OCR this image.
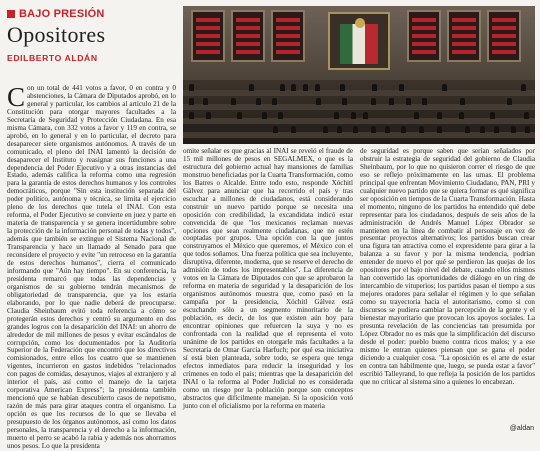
BAJO PRESIÓN
Opositores
EDILBERTO ALDÁN

Con un total de 441 votos a favor, 0 en contra y 0 abstenciones, la Cámara de Diputados aprobó, en lo general y particular, los cambios al artículo 21 de la Constitución para otorgar mayores facultades a la Secretaría de Seguridad y Protección Ciudadana. En esa misma Cámara, con 332 votos a favor y 119 en contra, se aprobó, en lo general y en lo particular, el decreto para desaparecer siete organismos autónomos. A través de un comunicado, el pleno del INAI lamentó la decisión de desaparecer el Instituto y reasignar sus funciones a una dependencia del Poder Ejecutivo y a otras instancias del Estado, además califica la reforma como una regresión para la garantía de estos derechos humanos y los controles democráticos, porque "Sin esta institución separada del poder político, autónoma y técnica, se limita el ejercicio pleno de los derechos que tutela el INAI. Con esta reforma, el Poder Ejecutivo se convierte en juez y parte en materia de transparencia y se genera incertidumbre sobre la protección de la información personal de todas y todos", además que también se extingue el Sistema Nacional de Transparencia y hace un llamado al Senado para que reconsidere el proyecto y evite "un retroceso en la garantía de estos derechos humanos", cierra el comunicado informando que "Aún hay tiempo". En su conferencia, la presidenta remarcó que todas las dependencias y organismos de su gobierno tendrán mecanismos de obligatoriedad de transparencia, que ya los estaría elaborando, por lo que nadie deberá de preocuparse. Claudia Sheinbaum evitó toda referencia a cómo se protegerán estos derechos y centró su argumento en dos grandes logros con la desaparición del INAI: un ahorro de alrededor de mil millones de pesos y evitar escándalos de corrupción, como los documentados por la Auditoría Superior de la Federación que encontró que los directivos comisionados, entre ellos los cuatro que se mantienen vigentes, incurrieron en gastos indebidos "relacionados con pagos de comidas, desayunos, viajes al extranjero y al interior el país, así como el manejo de la tarjeta corporativa American Express"; la presidenta también mencionó que se habían descubierto casos de nepotismo, razón de más para girar ataques contra el organismo. La opción es que los recursos de lo que se llevaba el presupuesto de los órganos autónomos, así como los datos personales, la transparencia y el derecho a la información, muerto el perro se acabó la rabia y además nos ahorramos unos pesos. Lo que la presidenta

omite señalar es que gracias al INAI se reveló el fraude de 15 mil millones de pesos en SEGALMEX, o que es la estructura del gobierno actual hay mansiones de familias monstruo beneficiadas por la Cuarta Transformación, como los Batres o Alcalde. Entre todo esto, responde Xóchitl Gálvez para anunciar que ha recorrido el país y tras escuchar a millones de ciudadanos, está considerando construir un nuevo partido porque se necesita una oposición con credibilidad, la excandidata indicó estar convencida de que "los mexicanos reclaman nuevas opciones que sean realmente ciudadanas, que no estén cooptadas por grupos. Una opción con la que juntos construyamos el México que queremos, el México con el que todos soñamos. Una fuerza política que sea incluyente, disruptiva, diferente, moderna, que se reserve el derecho de admisión de todos los impresentables". La diferencia de votos en la Cámara de Diputados con que se aprobaron la reforma en materia de seguridad y la desaparición de los organismos autónomos muestra que, como pasó en la campaña por la presidencia, Xóchitl Gálvez está escuchando sólo a un segmento minoritario de la población, es decir, de los que existen aún hoy para encontrar opiniones que refuercen la suya y no es confrontada con la realidad que el representa el voto unánime de los partidos en otorgarle más facultades a la Secretaría de Omar García Harfuch; por qué esa iniciativa sí está bien planteada, sobre todo, se espera que tenga efectos inmediatos para reducir la inseguridad y los crímenes en todo el país; mientras que la desaparición del INAI o la reforma al Poder Judicial no es considerada como un riesgo por la población porque son conceptos abstractos que difícilmente manejan. Si la oposición votó junto con el oficialismo por la reforma en materia

de seguridad es porque saben que serían señalados por obstruir la estrategia de seguridad del gobierno de Claudia Sheinbaum, por lo que no quisieron correr el riesgo de que eso se reflejo próximamente en las urnas. El problema principal que enfrentan Movimiento Ciudadano, PAN, PRI y cualquier nuevo partido que se quiera formar es qué significa ser oposición en tiempos de la Cuarta Transformación. Hasta el momento, ninguno de los partidos ha entendido qué debe representar para los ciudadanos, después de seis años de la administración de Andrés Manuel López Obrador se mantienen en la línea de combatir al personaje en vez de presentar proyectos alternativos; los partidos buscan crear una figura tan atractiva como el expresidente para girar a la balanza a su favor y por la misma tendencia, podrían entender de nuevo el por qué se perdieron las quejas de los opositores por el bajo nivel del debate, cuando ellos mismos han convertido las oportunidades de diálogo en un ring de intercambio de vituperios; los partidos pasan el tiempo a sus mejores oradores para señalar el régimen y lo que señalan como su trayectoria hacia el autoritarismo, como si con discursos se pudiera cambiar la percepción de la gente y el bienestar mayoritario que provocan los apoyos sociales. La presunta revelación de las conciencias tan presumida por López Obrador no es más que la simplificación del discurso desde el poder: pueblo bueno contra ricos malos; y a ese mismo le entran quienes piensan que se gana el poder diciendo a cualquier cosa. "La oposición es el arte de estar en contra tan hábilmente que, luego, se pueda estar a favor" escribió Talleyrand, lo que refleja la posición de los partidos que no criticar al sistema sino a quienes lo encabezan.

@aldan
